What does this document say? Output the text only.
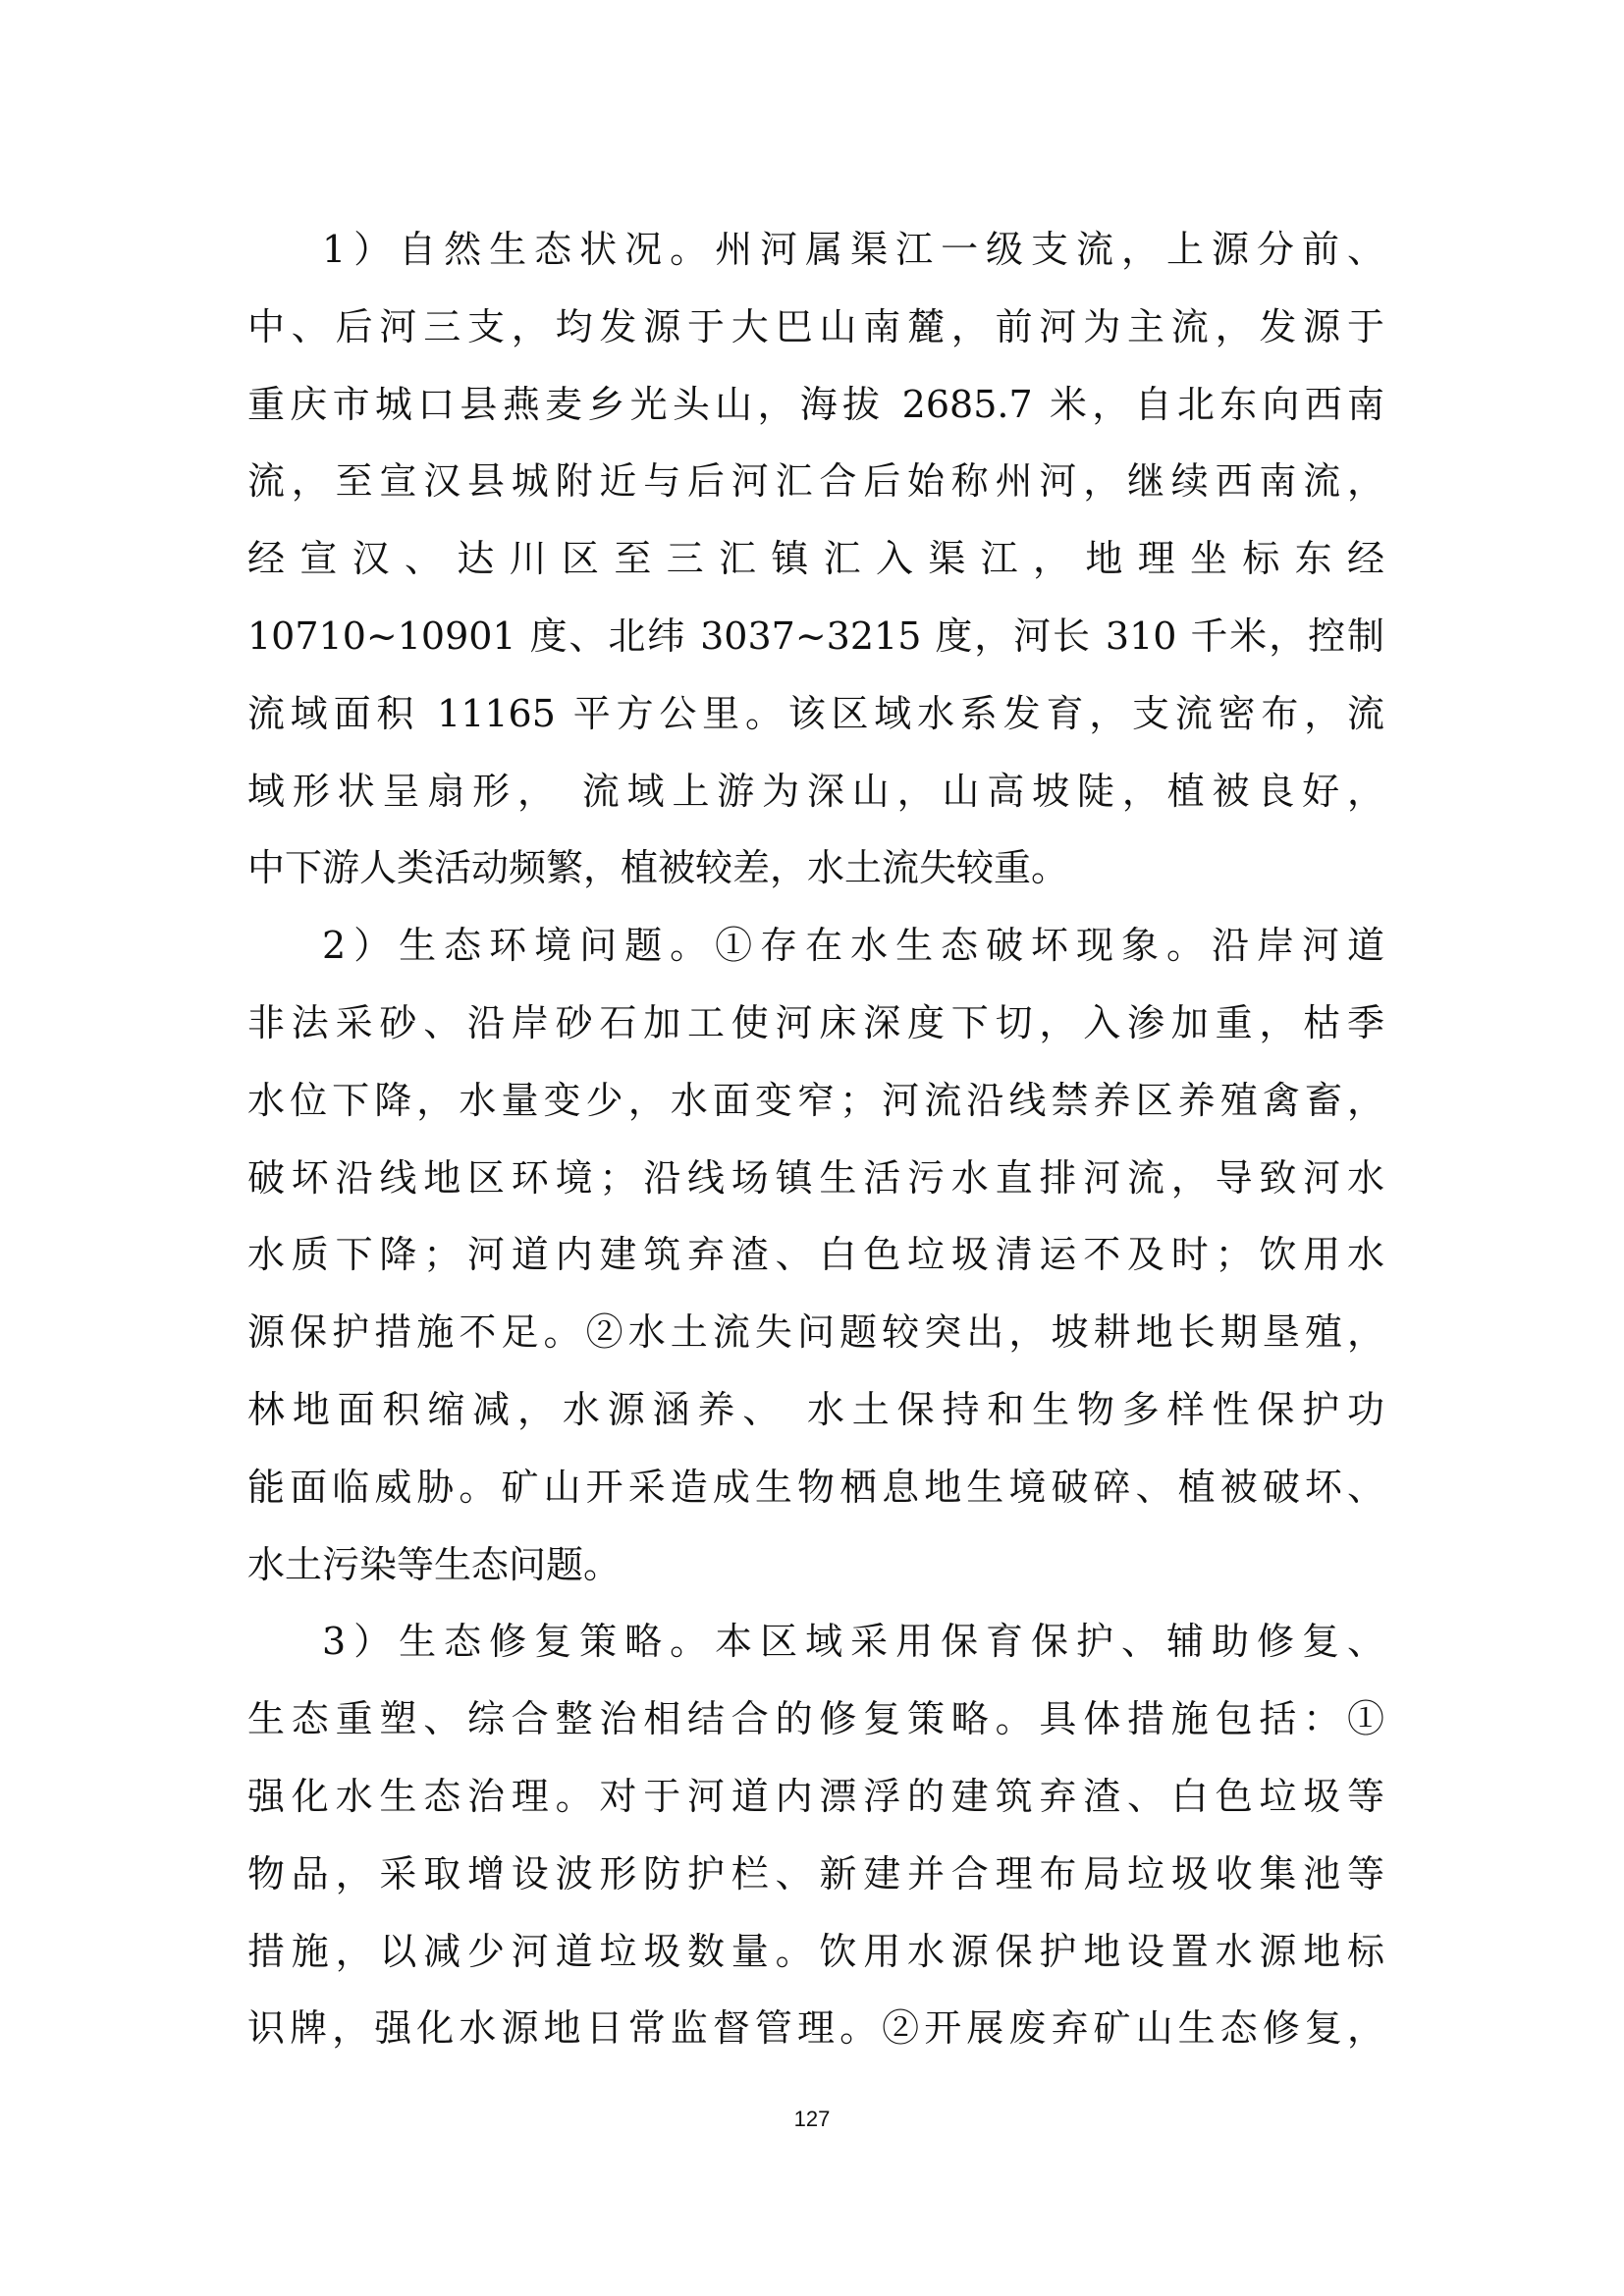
1）自然生态状况。州河属渠江一级支流，上源分前、
中、后河三支，均发源于大巴山南麓，前河为主流，发源于
重庆市城口县燕麦乡光头山，海拔 2685.7 米，自北东向西南
流，至宣汉县城附近与后河汇合后始称州河，继续西南流，
经宣汉、达川区至三汇镇汇入渠江，地理坐标东经
10710~10901 度、北纬 3037~3215 度，河长 310 千米，控制
流域面积 11165 平方公里。该区域水系发育，支流密布，流
域形状呈扇形， 流域上游为深山，山高坡陡，植被良好，
中下游人类活动频繁，植被较差，水土流失较重。
2）生态环境问题。①存在水生态破坏现象。沿岸河道
非法采砂、沿岸砂石加工使河床深度下切，入渗加重，枯季
水位下降，水量变少，水面变窄；河流沿线禁养区养殖禽畜，
破坏沿线地区环境；沿线场镇生活污水直排河流，导致河水
水质下降；河道内建筑弃渣、白色垃圾清运不及时；饮用水
源保护措施不足。②水土流失问题较突出，坡耕地长期垦殖，
林地面积缩减，水源涵养、 水土保持和生物多样性保护功
能面临威胁。矿山开采造成生物栖息地生境破碎、植被破坏、
水土污染等生态问题。
3）生态修复策略。本区域采用保育保护、辅助修复、
生态重塑、综合整治相结合的修复策略。具体措施包括：①
强化水生态治理。对于河道内漂浮的建筑弃渣、白色垃圾等
物品，采取增设波形防护栏、新建并合理布局垃圾收集池等
措施，以减少河道垃圾数量。饮用水源保护地设置水源地标
识牌，强化水源地日常监督管理。②开展废弃矿山生态修复，
127
